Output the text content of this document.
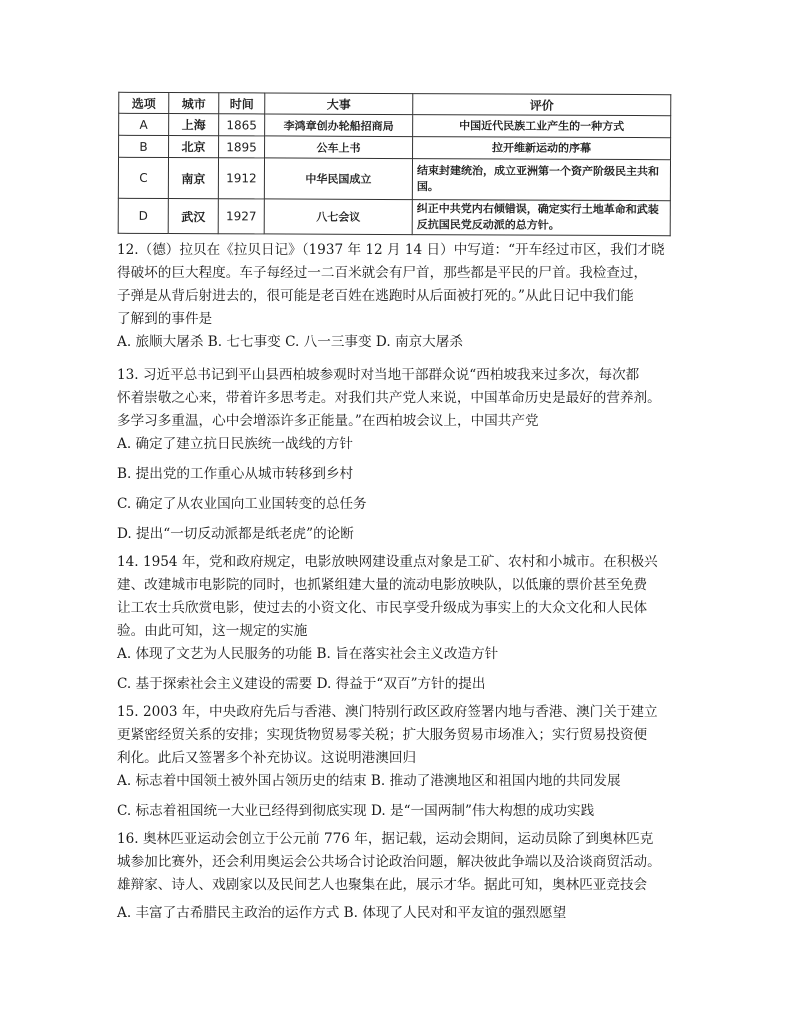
选项	城市	时间	大事	评价
A	上海	1865	李鸿章创办轮船招商局	中国近代民族工业产生的一种方式
B	北京	1895	公车上书	拉开维新运动的序幕
C	南京	1912	中华民国成立	结束封建统治，成立亚洲第一个资产阶级民主共和国。
D	武汉	1927	八七会议	纠正中共党内右倾错误，确定实行土地革命和武装反抗国民党反动派的总方针。
12.（德）拉贝在《拉贝日记》（1937 年 12 月 14 日）中写道：“开车经过市区，我们才晓
得破坏的巨大程度。车子每经过一二百米就会有尸首，那些都是平民的尸首。我检查过，
子弹是从背后射进去的，很可能是老百姓在逃跑时从后面被打死的。”从此日记中我们能
了解到的事件是
A. 旅顺大屠杀 B. 七七事变 C. 八一三事变 D. 南京大屠杀
13. 习近平总书记到平山县西柏坡参观时对当地干部群众说“西柏坡我来过多次，每次都
怀着崇敬之心来，带着许多思考走。对我们共产党人来说，中国革命历史是最好的营养剂。
多学习多重温，心中会增添许多正能量。”在西柏坡会议上，中国共产党
A. 确定了建立抗日民族统一战线的方针
B. 提出党的工作重心从城市转移到乡村
C. 确定了从农业国向工业国转变的总任务
D. 提出“一切反动派都是纸老虎”的论断
14. 1954 年，党和政府规定，电影放映网建设重点对象是工矿、农村和小城市。在积极兴
建、改建城市电影院的同时，也抓紧组建大量的流动电影放映队，以低廉的票价甚至免费
让工农士兵欣赏电影，使过去的小资文化、市民享受升级成为事实上的大众文化和人民体
验。由此可知，这一规定的实施
A. 体现了文艺为人民服务的功能 B. 旨在落实社会主义改造方针
C. 基于探索社会主义建设的需要 D. 得益于“双百”方针的提出
15. 2003 年，中央政府先后与香港、澳门特别行政区政府签署内地与香港、澳门关于建立
更紧密经贸关系的安排；实现货物贸易零关税；扩大服务贸易市场准入；实行贸易投资便
利化。此后又签署多个补充协议。这说明港澳回归
A. 标志着中国领土被外国占领历史的结束 B. 推动了港澳地区和祖国内地的共同发展
C. 标志着祖国统一大业已经得到彻底实现 D. 是“一国两制”伟大构想的成功实践
16. 奥林匹亚运动会创立于公元前 776 年，据记载，运动会期间，运动员除了到奥林匹克
城参加比赛外，还会利用奥运会公共场合讨论政治问题，解决彼此争端以及洽谈商贸活动。
雄辩家、诗人、戏剧家以及民间艺人也聚集在此，展示才华。据此可知，奥林匹亚竞技会
A. 丰富了古希腊民主政治的运作方式 B. 体现了人民对和平友谊的强烈愿望
